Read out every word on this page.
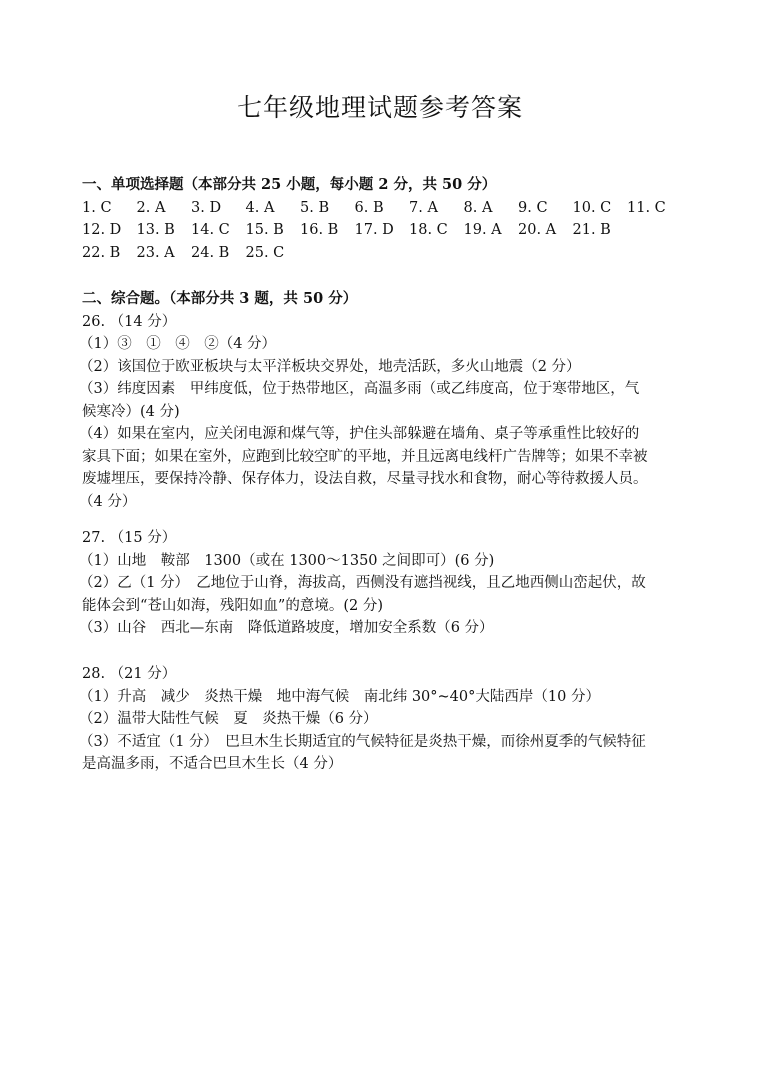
七年级地理试题参考答案
一、单项选择题（本部分共 25 小题，每小题 2 分，共 50 分）
1. C	2. A	3. D	4. A	5. B	6. B	7. A	8. A	9. C	10. C	11. C
12. D	13. B	14. C	15. B	16. B	17. D	18. C	19. A	20. A	21. B
22. B	23. A	24. B	25. C
二、综合题。（本部分共 3 题，共 50 分）
26. （14 分）
（1）③　①　④　②（4 分）
（2）该国位于欧亚板块与太平洋板块交界处，地壳活跃，多火山地震（2 分）
（3）纬度因素　甲纬度低，位于热带地区，高温多雨（或乙纬度高，位于寒带地区，气
候寒冷）(4 分)
（4）如果在室内，应关闭电源和煤气等，护住头部躲避在墙角、桌子等承重性比较好的
家具下面；如果在室外，应跑到比较空旷的平地，并且远离电线杆广告牌等；如果不幸被
废墟埋压，要保持冷静、保存体力，设法自救，尽量寻找水和食物，耐心等待救援人员。
（4 分）
27. （15 分）
（1）山地　鞍部　1300（或在 1300～1350 之间即可）(6 分)
（2）乙（1 分）　乙地位于山脊，海拔高，西侧没有遮挡视线，且乙地西侧山峦起伏，故
能体会到“苍山如海，残阳如血”的意境。(2 分)
（3）山谷　西北—东南　降低道路坡度，增加安全系数（6 分）
28. （21 分）
（1）升高　减少　炎热干燥　地中海气候　南北纬 30°~40°大陆西岸（10 分）
（2）温带大陆性气候　夏　炎热干燥（6 分）
（3）不适宜（1 分）　巴旦木生长期适宜的气候特征是炎热干燥，而徐州夏季的气候特征
是高温多雨，不适合巴旦木生长（4 分）
